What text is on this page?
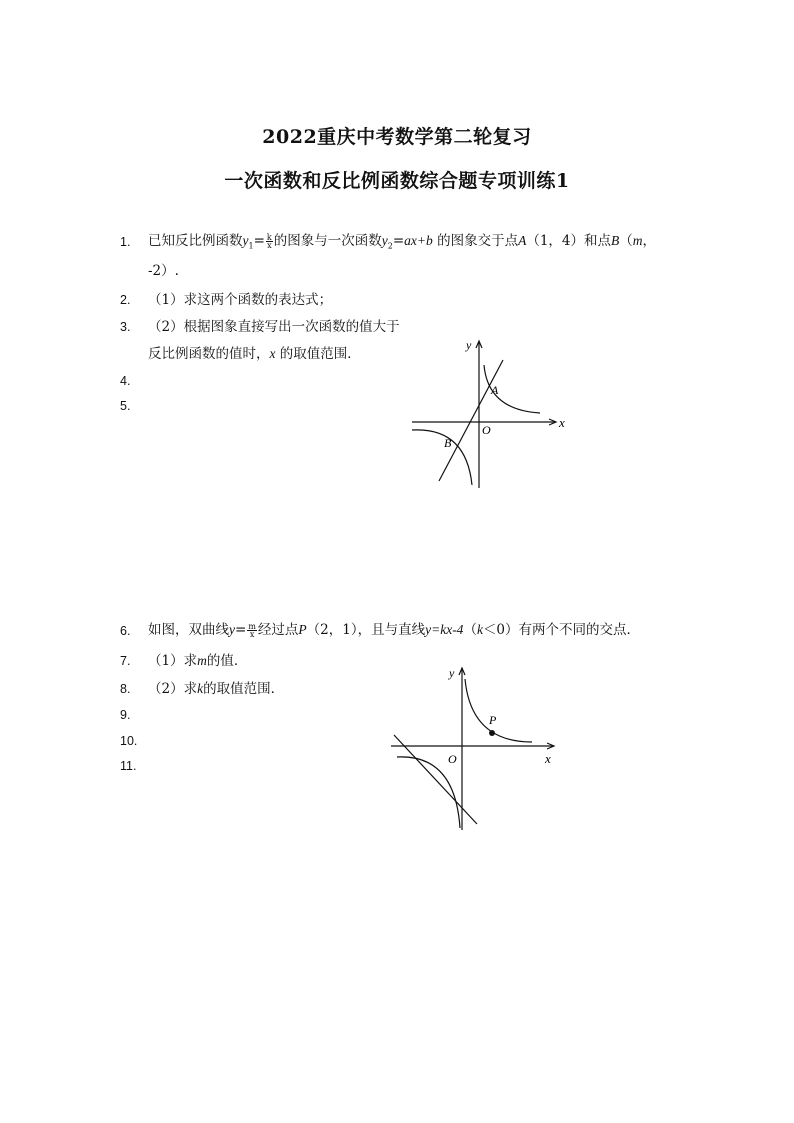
2022重庆中考数学第二轮复习
一次函数和反比例函数综合题专项训练1
1.
2.
3.
4.
5.
6.
7.
8.
9.
10.
11.
已知反比例函数$y_1= \frac{k}{x}$ 的图象与一次函数$y_2=ax+b$ 的图象交于点A（1，4）和点B（m，
-2）.
（1）求这两个函数的表达式；
（2）根据图象直接写出一次函数的值大于
反比例函数的值时，x 的取值范围．
y
x
O
A
B
如图，双曲线$y= \frac{m}{x}$ 经过点P（2，1），且与直线y=kx-4（k＜0）有两个不同的交点．
（1）求m的值．
（2）求k的取值范围．
y
x
O
P
